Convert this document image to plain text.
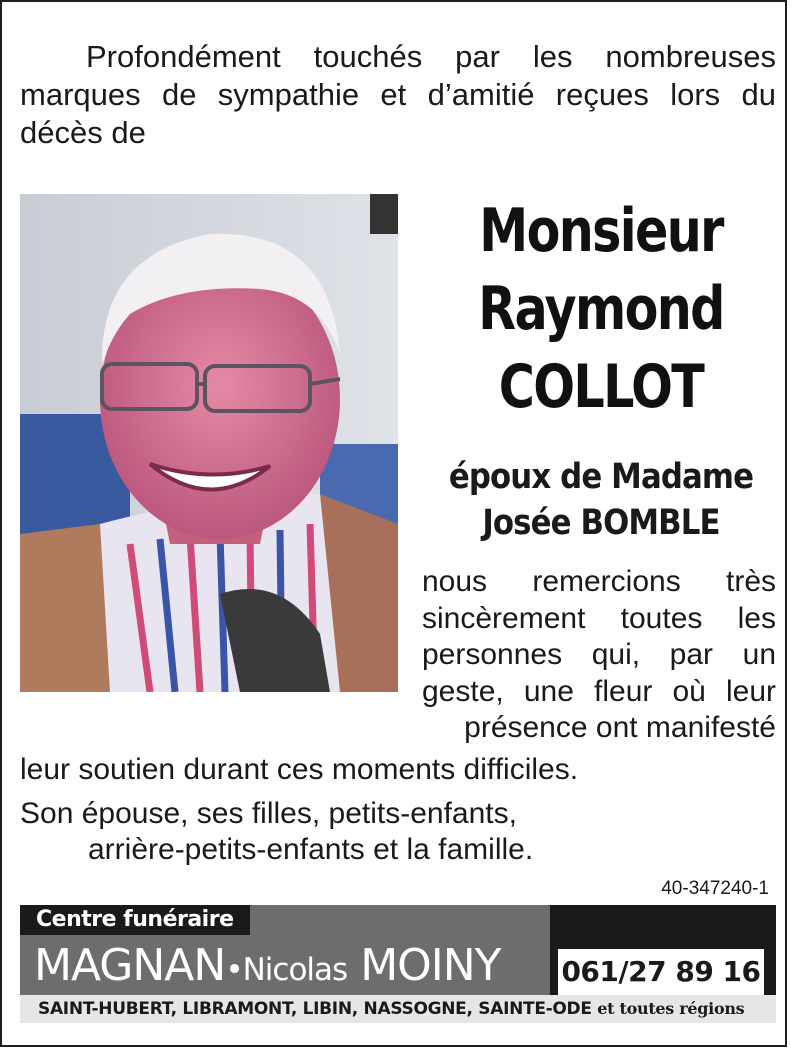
Profondément touchés par les nombreuses marques de sympathie et d’amitié reçues lors du décès de

Monsieur
Raymond
COLLOT
époux de Madame
Josée BOMBLE
nous remercions très sincèrement toutes les personnes qui, par un geste, une fleur où leur présence ont manifesté
leur soutien durant ces moments difficiles.
Son épouse, ses filles, petits-enfants,
arrière-petits-enfants et la famille.
40-347240-1
Centre funéraire
MAGNAN•Nicolas MOINY 061/27 89 16
SAINT-HUBERT, LIBRAMONT, LIBIN, NASSOGNE, SAINTE-ODE et toutes régions
